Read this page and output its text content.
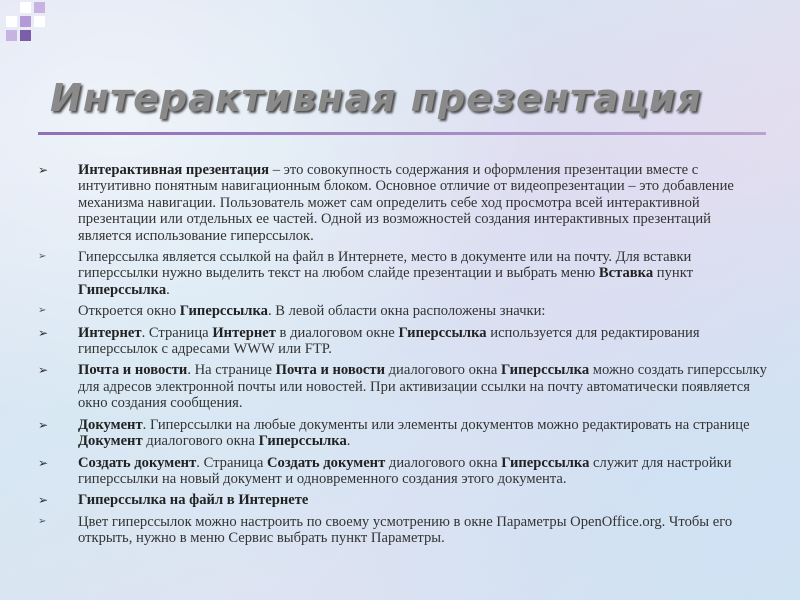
Интерактивная презентация
➢ Интерактивная презентация – это совокупность содержания и оформления презентации вместе с интуитивно понятным навигационным блоком. Основное отличие от видеопрезентации – это добавление механизма навигации. Пользователь может сам определить себе ход просмотра всей интерактивной презентации или отдельных ее частей. Одной из возможностей создания интерактивных презентаций является использование гиперссылок.
➢ Гиперссылка является ссылкой на файл в Интернете, место в документе или на почту. Для вставки гиперссылки нужно выделить текст на любом слайде презентации и выбрать меню Вставка пункт Гиперссылка.
➢ Откроется окно Гиперссылка. В левой области окна расположены значки:
➢ Интернет. Страница Интернет в диалоговом окне Гиперссылка используется для редактирования гиперссылок с адресами WWW или FTP.
➢ Почта и новости. На странице Почта и новости диалогового окна Гиперссылка можно создать гиперссылку для адресов электронной почты или новостей. При активизации ссылки на почту автоматически появляется окно создания сообщения.
➢ Документ. Гиперссылки на любые документы или элементы документов можно редактировать на странице Документ диалогового окна Гиперссылка.
➢ Создать документ. Страница Создать документ диалогового окна Гиперссылка служит для настройки гиперссылки на новый документ и одновременного создания этого документа.
➢ Гиперссылка на файл в Интернете
➢ Цвет гиперссылок можно настроить по своему усмотрению в окне Параметры OpenOffice.org. Чтобы его открыть, нужно в меню Сервис выбрать пункт Параметры.
